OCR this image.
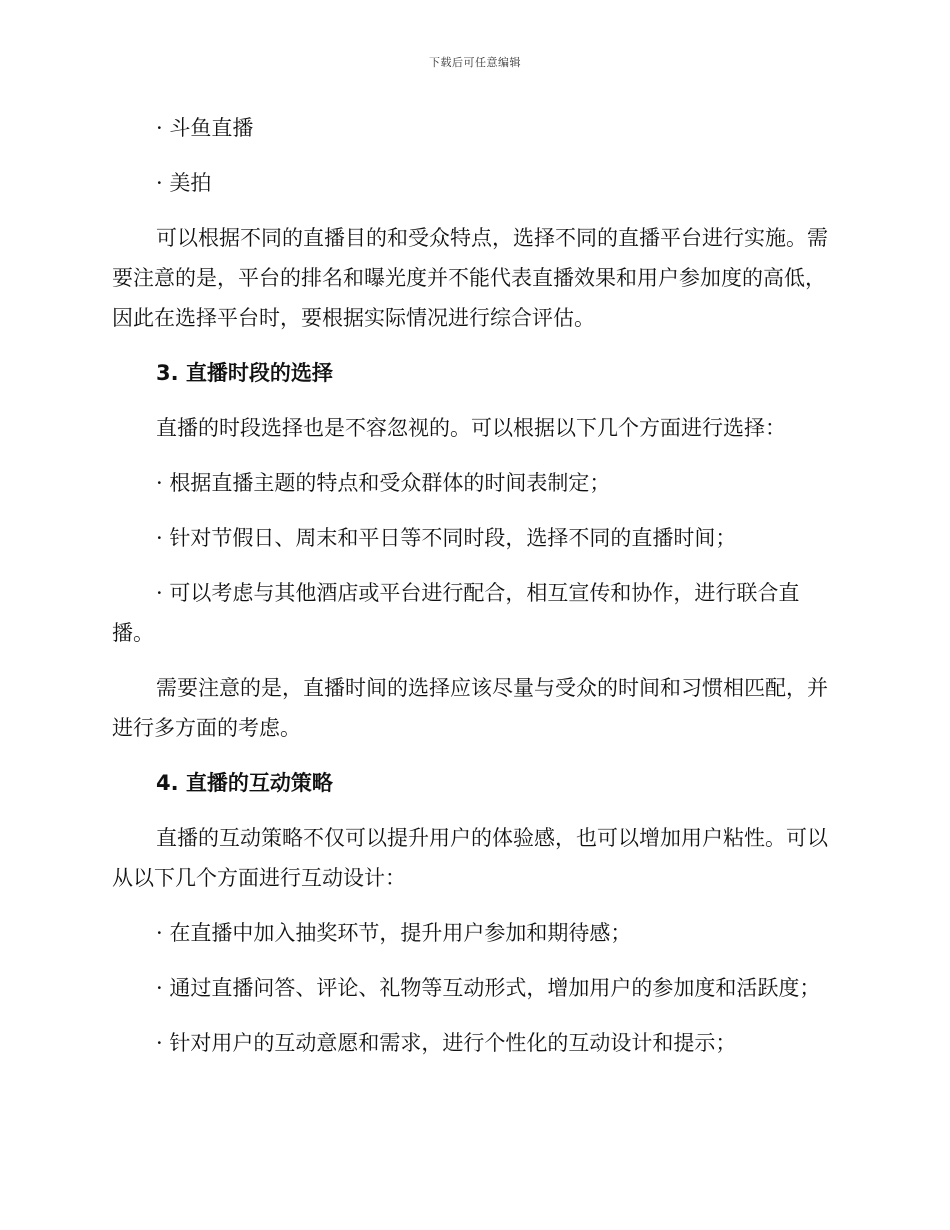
下载后可任意编辑

· 斗鱼直播

· 美拍

可以根据不同的直播目的和受众特点，选择不同的直播平台进行实施。需要注意的是，平台的排名和曝光度并不能代表直播效果和用户参加度的高低，因此在选择平台时，要根据实际情况进行综合评估。

3. 直播时段的选择

直播的时段选择也是不容忽视的。可以根据以下几个方面进行选择：

· 根据直播主题的特点和受众群体的时间表制定；

· 针对节假日、周末和平日等不同时段，选择不同的直播时间；

· 可以考虑与其他酒店或平台进行配合，相互宣传和协作，进行联合直播。

需要注意的是，直播时间的选择应该尽量与受众的时间和习惯相匹配，并进行多方面的考虑。

4. 直播的互动策略

直播的互动策略不仅可以提升用户的体验感，也可以增加用户粘性。可以从以下几个方面进行互动设计：

· 在直播中加入抽奖环节，提升用户参加和期待感；

· 通过直播问答、评论、礼物等互动形式，增加用户的参加度和活跃度；

· 针对用户的互动意愿和需求，进行个性化的互动设计和提示；
